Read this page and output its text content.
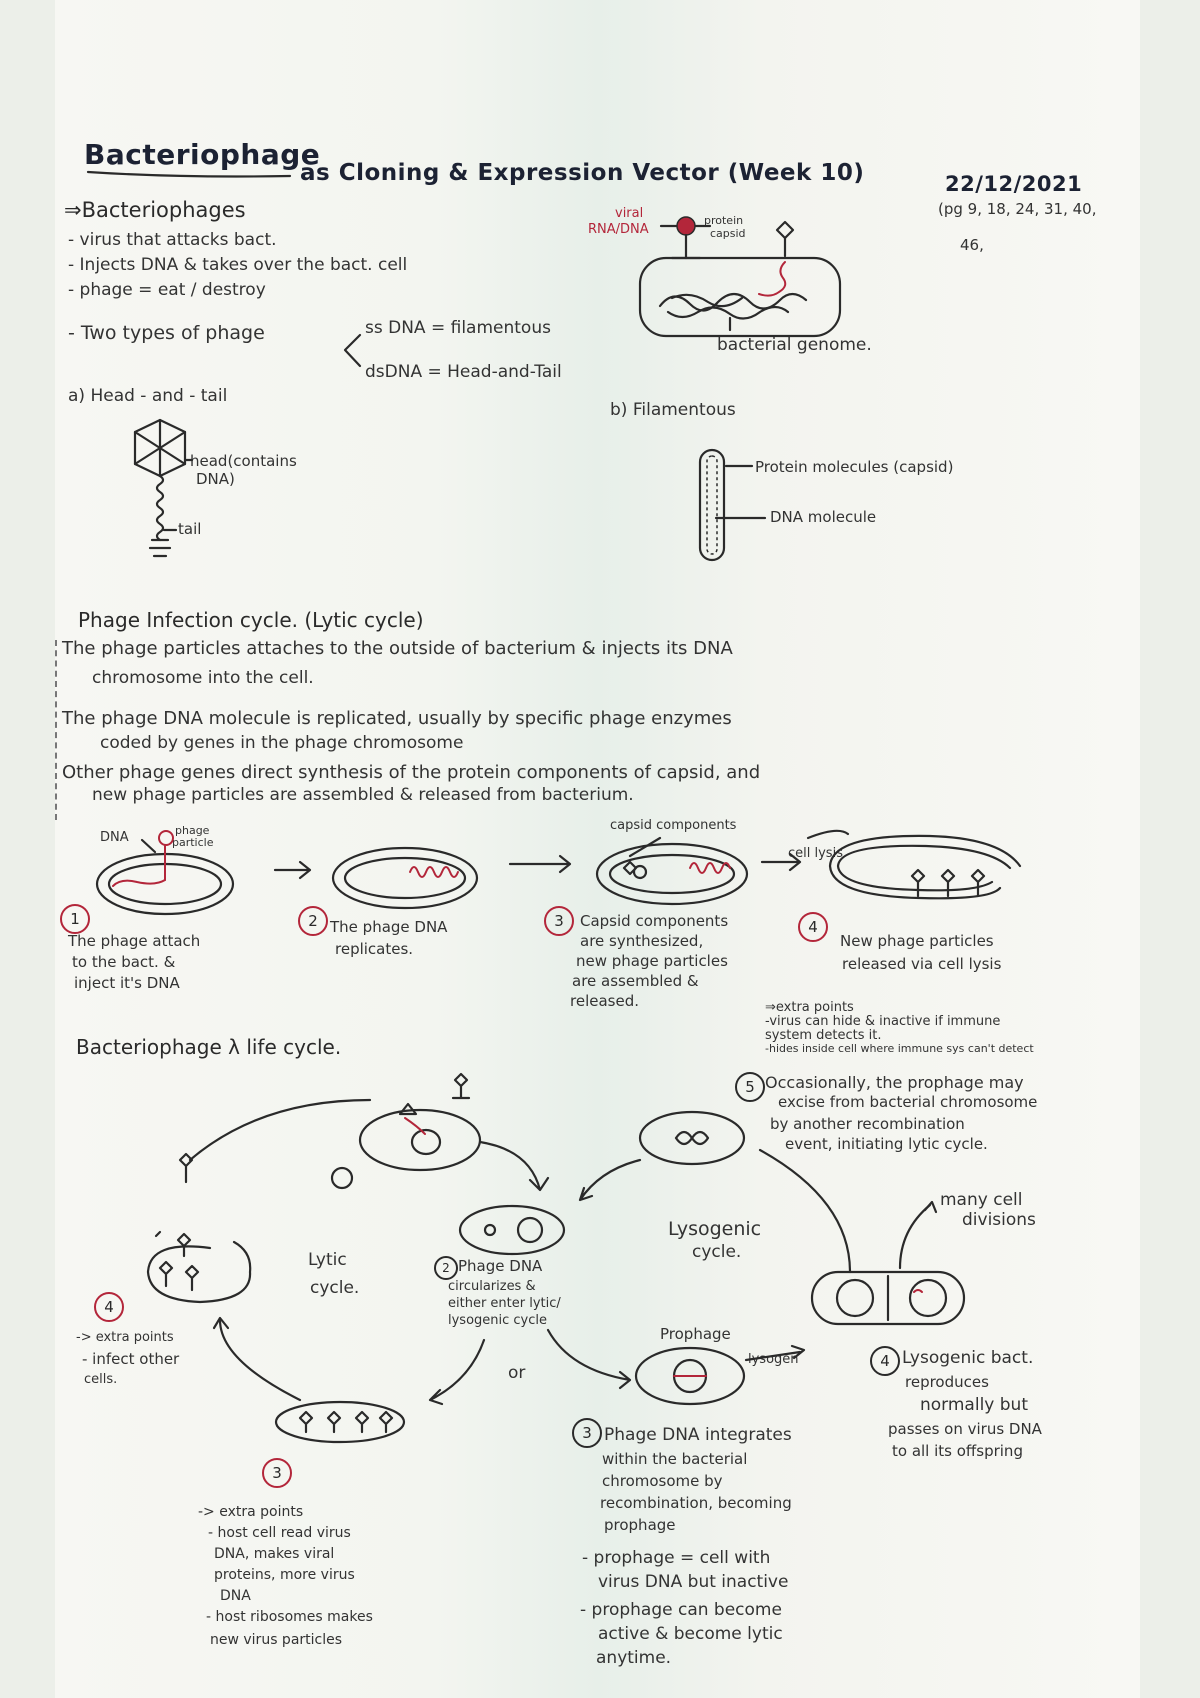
Bacteriophage
as Cloning & Expression Vector (Week 10)	22/12/2021
(pg 9, 18, 24, 31, 40,
46,
⇒Bacteriophages
- virus that attacks bact.
- Injects DNA & takes over the bact. cell
- phage = eat / destroy
- Two types of phage	ss DNA = filamentous
dsDNA = Head-and-Tail
viral
RNA/DNA
protein
capsid
bacterial genome.
a) Head - and - tail
head(contains
DNA)
tail
b) Filamentous
Protein molecules (capsid)
DNA molecule
Phage Infection cycle. (Lytic cycle)
The phage particles attaches to the outside of bacterium & injects its DNA
chromosome into the cell.
The phage DNA molecule is replicated, usually by specific phage enzymes
coded by genes in the phage chromosome
Other phage genes direct synthesis of the protein components of capsid, and
new phage particles are assembled & released from bacterium.
DNA	phage
particle
capsid components
cell lysis
The phage attach
to the bact. &
inject it's DNA
The phage DNA
replicates.
Capsid components
are synthesized,
new phage particles
are assembled &
released.
New phage particles
released via cell lysis
1	2	3	4
Bacteriophage λ life cycle.
⇒extra points
-virus can hide & inactive if immune
system detects it.
-hides inside cell where immune sys can't detect
5 Occasionally, the prophage may
excise from bacterial chromosome
by another recombination
event, initiating lytic cycle.
many cell
divisions
Lytic
cycle.
Lysogenic
cycle.
2 Phage DNA
circularizes &
either enter lytic/
lysogenic cycle
or
Prophage
lysogen	4 Lysogenic bact.
reproduces
normally but
passes on virus DNA
to all its offspring
4
-> extra points
- infect other
cells.
3
-> extra points
- host cell read virus
DNA, makes viral
proteins, more virus
DNA
- host ribosomes makes
new virus particles
3 Phage DNA integrates
within the bacterial
chromosome by
recombination, becoming
prophage
- prophage = cell with
virus DNA but inactive
- prophage can become
active & become lytic
anytime.
